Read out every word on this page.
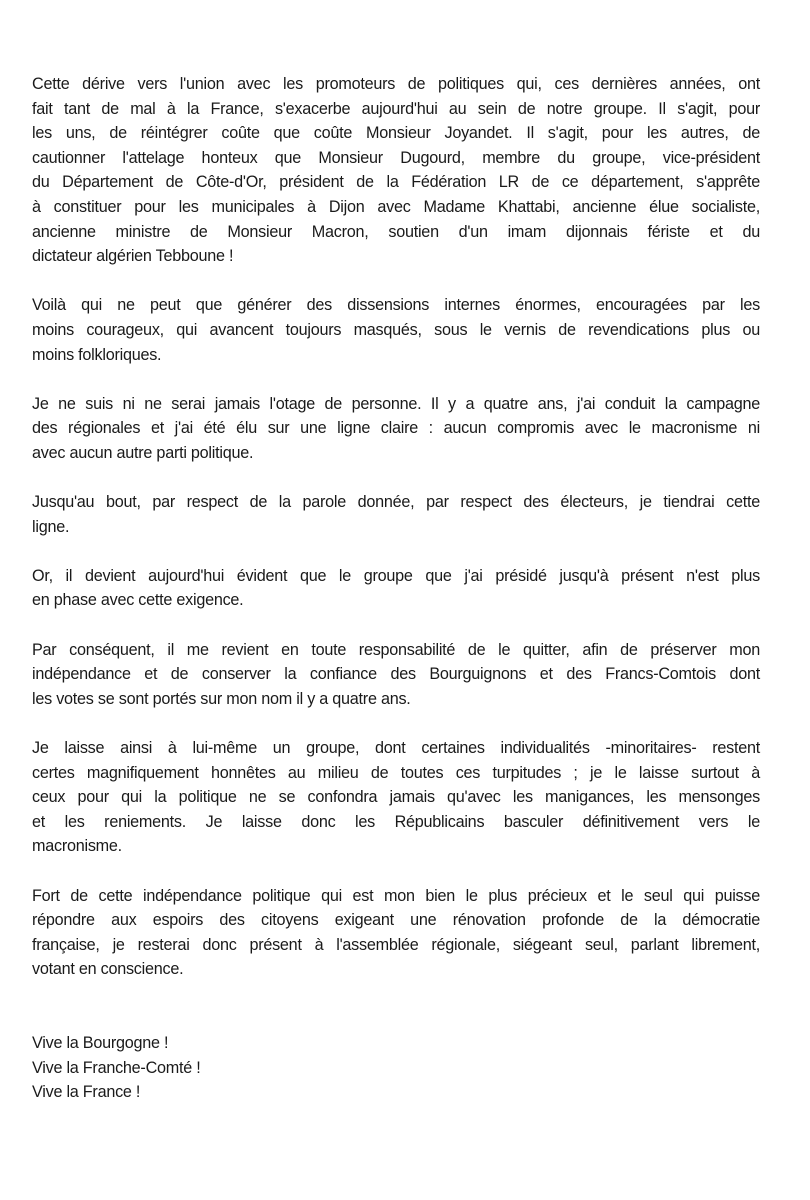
Cette dérive vers l'union avec les promoteurs de politiques qui, ces dernières années, ont
fait tant de mal à la France, s'exacerbe aujourd'hui au sein de notre groupe. Il s'agit, pour
les uns, de réintégrer coûte que coûte Monsieur Joyandet. Il s'agit, pour les autres, de
cautionner l'attelage honteux que Monsieur Dugourd, membre du groupe, vice-président
du Département de Côte-d'Or, président de la Fédération LR de ce département, s'apprête
à constituer pour les municipales à Dijon avec Madame Khattabi, ancienne élue socialiste,
ancienne ministre de Monsieur Macron, soutien d'un imam dijonnais fériste et du
dictateur algérien Tebboune !
Voilà qui ne peut que générer des dissensions internes énormes, encouragées par les
moins courageux, qui avancent toujours masqués, sous le vernis de revendications plus ou
moins folkloriques.
Je ne suis ni ne serai jamais l'otage de personne. Il y a quatre ans, j'ai conduit la campagne
des régionales et j'ai été élu sur une ligne claire : aucun compromis avec le macronisme ni
avec aucun autre parti politique.
Jusqu'au bout, par respect de la parole donnée, par respect des électeurs, je tiendrai cette
ligne.
Or, il devient aujourd'hui évident que le groupe que j'ai présidé jusqu'à présent n'est plus
en phase avec cette exigence.
Par conséquent, il me revient en toute responsabilité de le quitter, afin de préserver mon
indépendance et de conserver la confiance des Bourguignons et des Francs-Comtois dont
les votes se sont portés sur mon nom il y a quatre ans.
Je laisse ainsi à lui-même un groupe, dont certaines individualités -minoritaires- restent
certes magnifiquement honnêtes au milieu de toutes ces turpitudes ; je le laisse surtout à
ceux pour qui la politique ne se confondra jamais qu'avec les manigances, les mensonges
et les reniements. Je laisse donc les Républicains basculer définitivement vers le
macronisme.
Fort de cette indépendance politique qui est mon bien le plus précieux et le seul qui puisse
répondre aux espoirs des citoyens exigeant une rénovation profonde de la démocratie
française, je resterai donc présent à l'assemblée régionale, siégeant seul, parlant librement,
votant en conscience.
Vive la Bourgogne !
Vive la Franche-Comté !
Vive la France !
